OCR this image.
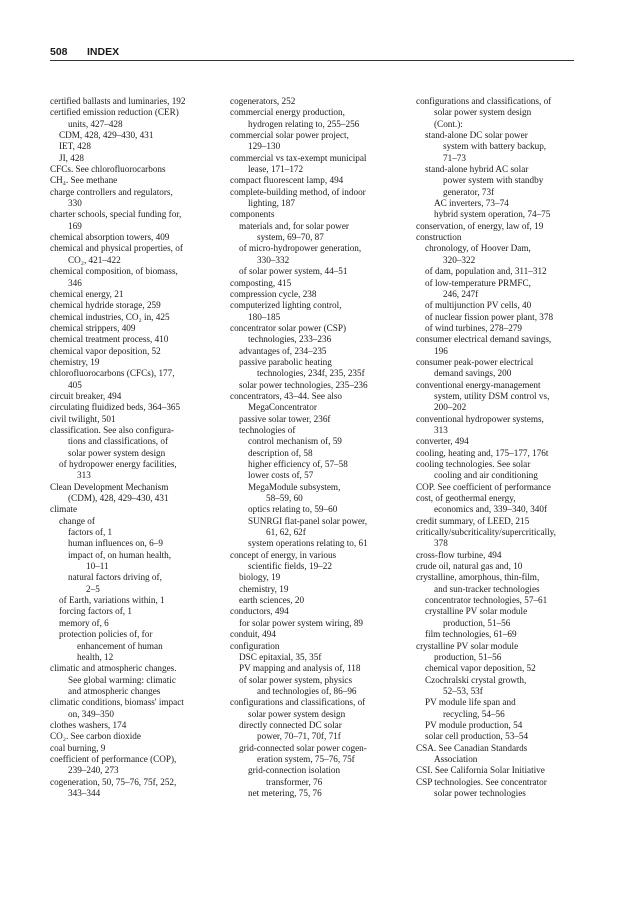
508 INDEX
certified ballasts and luminaries, 192
certified emission reduction (CER)
units, 427–428
CDM, 428, 429–430, 431
IET, 428
JI, 428
CFCs. See chlorofluorocarbons
CH₄. See methane
charge controllers and regulators,
330
charter schools, special funding for,
169
chemical absorption towers, 409
chemical and physical properties, of
CO₂, 421–422
chemical composition, of biomass,
346
chemical energy, 21
chemical hydride storage, 259
chemical industries, CO₂ in, 425
chemical strippers, 409
chemical treatment process, 410
chemical vapor deposition, 52
chemistry, 19
chlorofluorocarbons (CFCs), 177,
405
circuit breaker, 494
circulating fluidized beds, 364–365
civil twilight, 501
classification. See also configura-
tions and classifications, of
solar power system design
of hydropower energy facilities,
313
Clean Development Mechanism
(CDM), 428, 429–430, 431
climate
change of
factors of, 1
human influences on, 6–9
impact of, on human health,
10–11
natural factors driving of,
2–5
of Earth, variations within, 1
forcing factors of, 1
memory of, 6
protection policies of, for
enhancement of human
health, 12
climatic and atmospheric changes.
See global warming: climatic
and atmospheric changes
climatic conditions, biomass' impact
on, 349–350
clothes washers, 174
CO₂. See carbon dioxide
coal burning, 9
coefficient of performance (COP),
239–240, 273
cogeneration, 50, 75–76, 75f, 252,
343–344
cogenerators, 252
commercial energy production,
hydrogen relating to, 255–256
commercial solar power project,
129–130
commercial vs tax-exempt municipal
lease, 171–172
compact fluorescent lamp, 494
complete-building method, of indoor
lighting, 187
components
materials and, for solar power
system, 69–70, 87
of micro-hydropower generation,
330–332
of solar power system, 44–51
composting, 415
compression cycle, 238
computerized lighting control,
180–185
concentrator solar power (CSP)
technologies, 233–236
advantages of, 234–235
passive parabolic heating
technologies, 234f, 235, 235f
solar power technologies, 235–236
concentrators, 43–44. See also
MegaConcentrator
passive solar tower, 236f
technologies of
control mechanism of, 59
description of, 58
higher efficiency of, 57–58
lower costs of, 57
MegaModule subsystem,
58–59, 60
optics relating to, 59–60
SUNRGI flat-panel solar power,
61, 62, 62f
system operations relating to, 61
concept of energy, in various
scientific fields, 19–22
biology, 19
chemistry, 19
earth sciences, 20
conductors, 494
for solar power system wiring, 89
conduit, 494
configuration
DSC epitaxial, 35, 35f
PV mapping and analysis of, 118
of solar power system, physics
and technologies of, 86–96
configurations and classifications, of
solar power system design
directly connected DC solar
power, 70–71, 70f, 71f
grid-connected solar power cogen-
eration system, 75–76, 75f
grid-connection isolation
transformer, 76
net metering, 75, 76
configurations and classifications, of
solar power system design
(Cont.):
stand-alone DC solar power
system with battery backup,
71–73
stand-alone hybrid AC solar
power system with standby
generator, 73f
AC inverters, 73–74
hybrid system operation, 74–75
conservation, of energy, law of, 19
construction
chronology, of Hoover Dam,
320–322
of dam, population and, 311–312
of low-temperature PRMFC,
246, 247f
of multijunction PV cells, 40
of nuclear fission power plant, 378
of wind turbines, 278–279
consumer electrical demand savings,
196
consumer peak-power electrical
demand savings, 200
conventional energy-management
system, utility DSM control vs,
200–202
conventional hydropower systems,
313
converter, 494
cooling, heating and, 175–177, 176t
cooling technologies. See solar
cooling and air conditioning
COP. See coefficient of performance
cost, of geothermal energy,
economics and, 339–340, 340f
credit summary, of LEED, 215
critically/subcriticality/supercritically,
378
cross-flow turbine, 494
crude oil, natural gas and, 10
crystalline, amorphous, thin-film,
and sun-tracker technologies
concentrator technologies, 57–61
crystalline PV solar module
production, 51–56
film technologies, 61–69
crystalline PV solar module
production, 51–56
chemical vapor deposition, 52
Czochralski crystal growth,
52–53, 53f
PV module life span and
recycling, 54–56
PV module production, 54
solar cell production, 53–54
CSA. See Canadian Standards
Association
CSI. See California Solar Initiative
CSP technologies. See concentrator
solar power technologies
